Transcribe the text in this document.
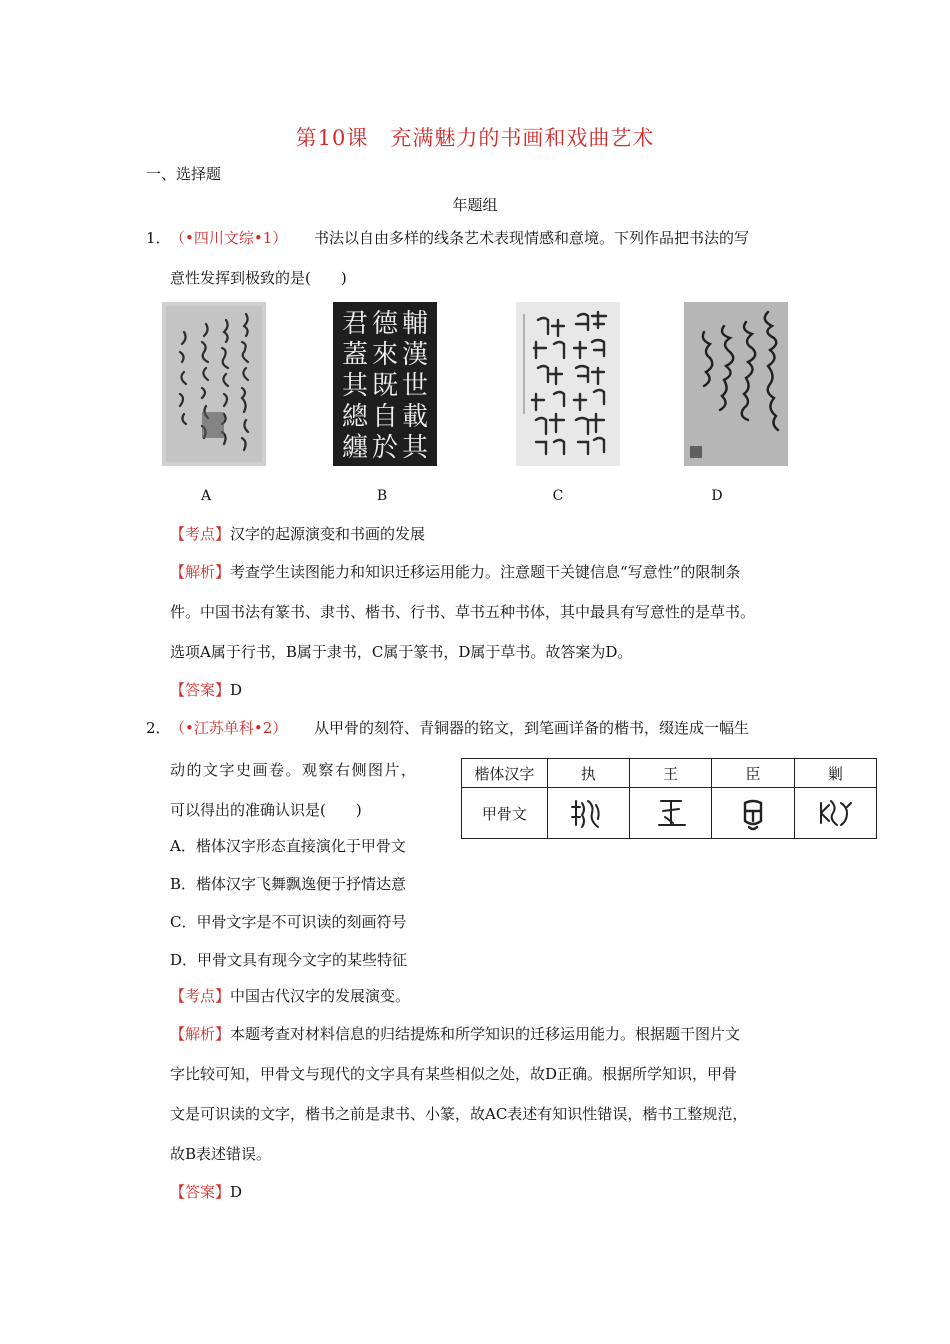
第10课　充满魅力的书画和戏曲艺术
一、选择题
年题组
1． （•四川文综•1） 书法以自由多样的线条艺术表现情感和意境。下列作品把书法的写
意性发挥到极致的是(　　)
輔
漢
世
載
其
德
來
既
自
於
君
蓋
其
總
纏
A	B	C	D
【考点】 汉字的起源演变和书画的发展
【解析】 考查学生读图能力和知识迁移运用能力。注意题干关键信息“写意性”的限制条
件。中国书法有篆书、隶书、楷书、行书、草书五种书体，其中最具有写意性的是草书。
选项A属于行书，B属于隶书，C属于篆书，D属于草书。故答案为D。
【答案】 D
2． （•江苏单科•2） 从甲骨的刻符、青铜器的铭文，到笔画详备的楷书，缀连成一幅生
动的文字史画卷。观察右侧图片，
可以得出的准确认识是(　　)
A．楷体汉字形态直接演化于甲骨文
B．楷体汉字飞舞飘逸便于抒情达意
C．甲骨文字是不可识读的刻画符号
D．甲骨文具有现今文字的某些特征
楷体汉字	执	王	臣	剿
甲骨文				
【考点】 中国古代汉字的发展演变。
【解析】 本题考查对材料信息的归结提炼和所学知识的迁移运用能力。根据题干图片文
字比较可知，甲骨文与现代的文字具有某些相似之处，故D正确。根据所学知识，甲骨
文是可识读的文字，楷书之前是隶书、小篆，故AC表述有知识性错误，楷书工整规范，
故B表述错误。
【答案】 D
